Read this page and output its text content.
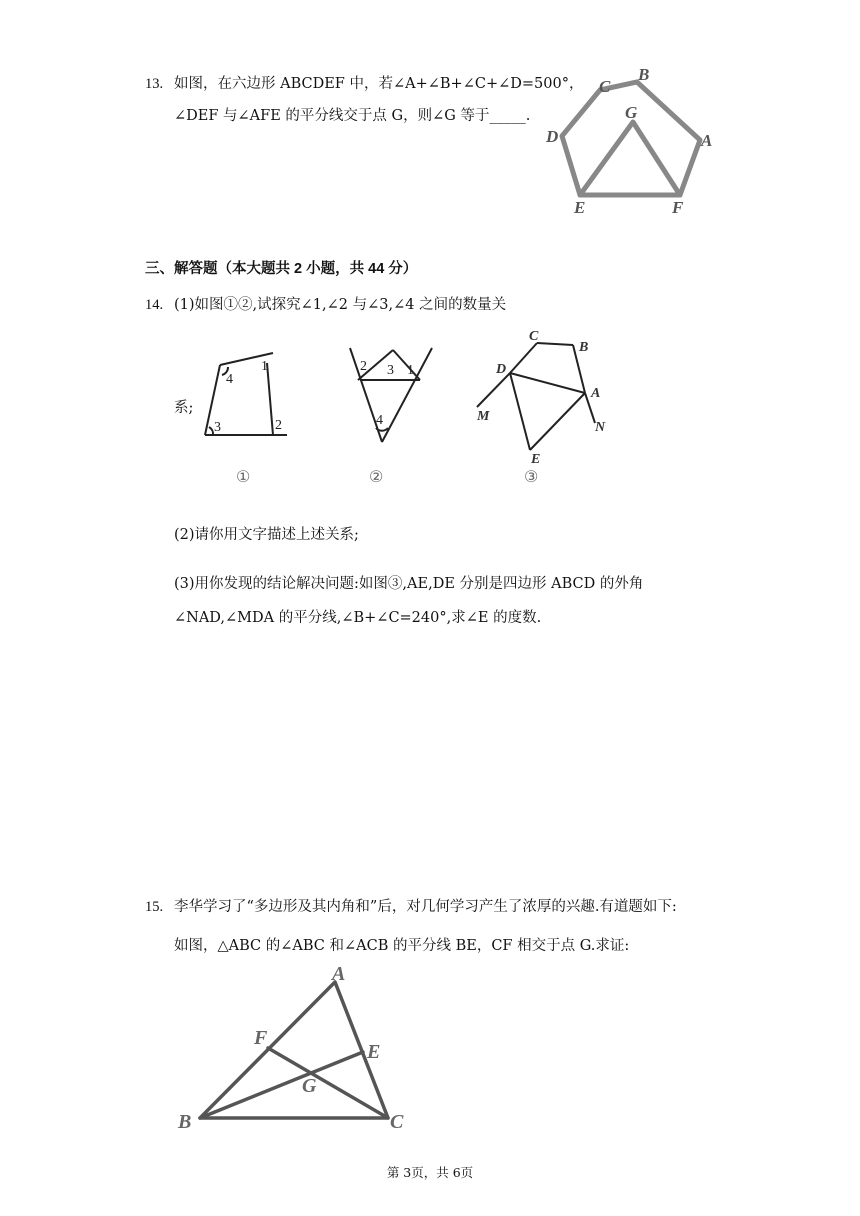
13. 如图，在六边形 ABCDEF 中，若∠A+∠B+∠C+∠D=500°，
∠DEF 与∠AFE 的平分线交于点 G，则∠G 等于_____.
A
B
C
D
E	F
G
三、解答题（本大题共 2 小题，共 44 分）
14. (1)如图①②,试探究∠1,∠2 与∠3,∠4 之间的数量关
系;
1
2
3
4
①
1
2 3
4
②
A
B
C
D
E
M
N
③
(2)请你用文字描述上述关系;
(3)用你发现的结论解决问题:如图③,AE,DE 分别是四边形 ABCD 的外角
∠NAD,∠MDA 的平分线,∠B+∠C=240°,求∠E 的度数.
15. 李华学习了“多边形及其内角和”后，对几何学习产生了浓厚的兴趣.有道题如下:
如图，△ABC 的∠ABC 和∠ACB 的平分线 BE，CF 相交于点 G.求证:
A
B	C
E
F
G
第 3页，共 6页
